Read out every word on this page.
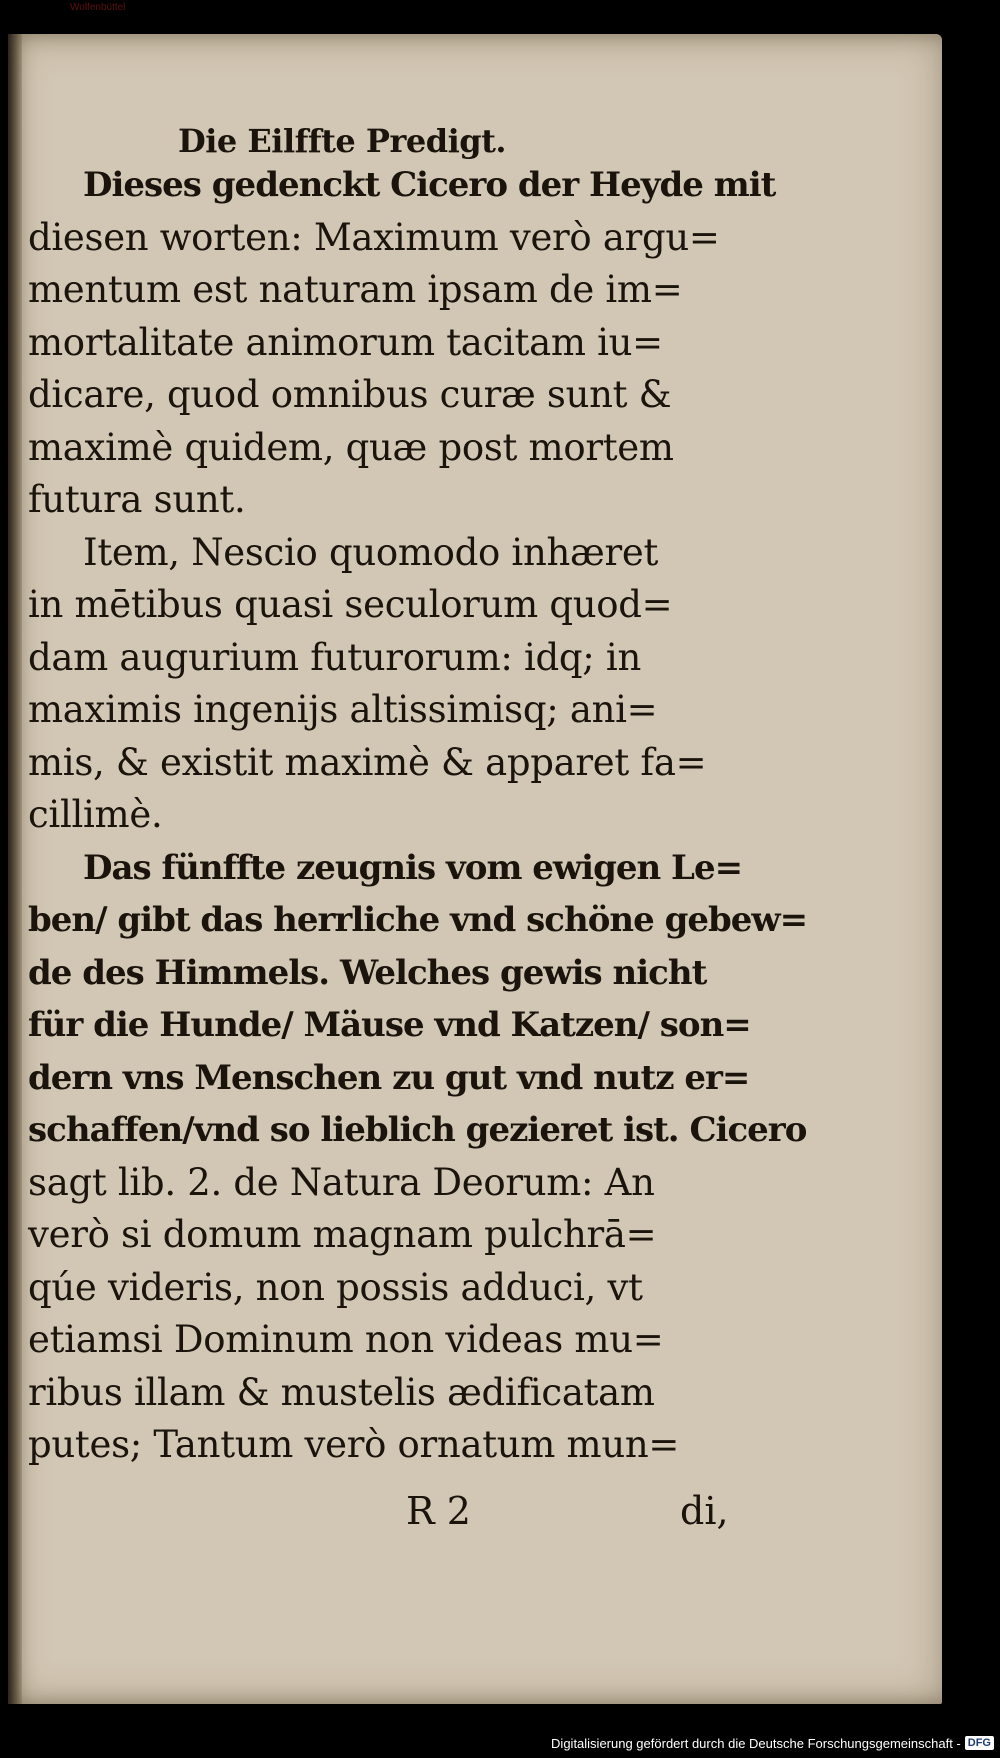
Wolfenbüttel
Die Eilffte Predigt.
Dieses gedenckt Cicero der Heyde mit
diesen worten: Maximum verò argu=
mentum est naturam ipsam de im=
mortalitate animorum tacitam iu=
dicare, quod omnibus curæ sunt &
maximè quidem, quæ post mortem
futura sunt.
Item, Nescio quomodo inhæret
in mētibus quasi seculorum quod=
dam augurium futurorum: idq; in
maximis ingenijs altissimisq; ani=
mis, & existit maximè & apparet fa=
cillimè.
Das fünffte zeugnis vom ewigen Le=
ben/ gibt das herrliche vnd schöne gebew=
de des Himmels. Welches gewis nicht
für die Hunde/ Mäuse vnd Katzen/ son=
dern vns Menschen zu gut vnd nutz er=
schaffen/vnd so lieblich gezieret ist. Cicero
sagt lib. 2. de Natura Deorum: An
verò si domum magnam pulchrā=
qúe videris, non possis adduci, vt
etiamsi Dominum non videas mu=
ribus illam & mustelis ædificatam
putes; Tantum verò ornatum mun=
R 2	di,
Digitalisierung gefördert durch die Deutsche Forschungsgemeinschaft - DFG
